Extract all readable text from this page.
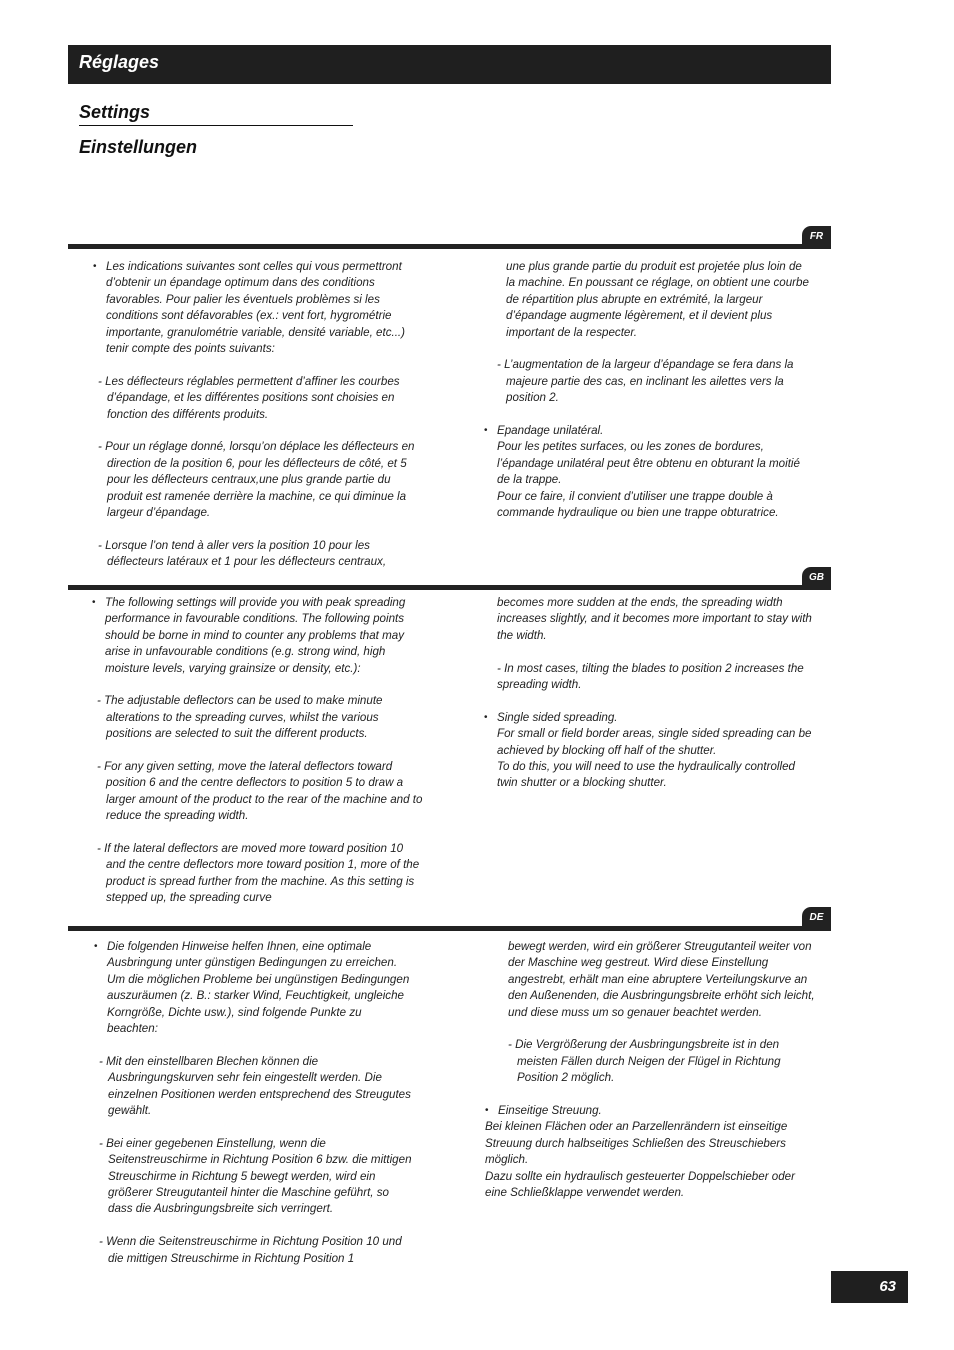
Réglages
Settings
Einstellungen
FR

• Les indications suivantes sont celles qui vous permettront d’obtenir un épandage optimum dans des conditions favorables. Pour palier les éventuels problèmes si les conditions sont défavorables (ex.: vent fort, hygrométrie importante, granulométrie variable, densité variable, etc...) tenir compte des points suivants:

- Les déflecteurs réglables permettent d’affiner les courbes d’épandage, et les différentes positions sont choisies en fonction des différents produits.

- Pour un réglage donné, lorsqu’on déplace les déflecteurs en direction de la position 6, pour les déflecteurs de côté, et 5 pour les déflecteurs centraux,une plus grande partie du produit est ramenée derrière la machine, ce qui diminue la largeur d’épandage.

- Lorsque l’on tend à aller vers la position 10 pour les déflecteurs latéraux et 1 pour les déflecteurs centraux,

une plus grande partie du produit est projetée plus loin de la machine. En poussant ce réglage, on obtient une courbe de répartition plus abrupte en extrémité, la largeur d’épandage augmente légèrement, et il devient plus important de la respecter.

- L’augmentation de la largeur d’épandage se fera dans la majeure partie des cas, en inclinant les ailettes vers la position 2.

• Epandage unilatéral.
Pour les petites surfaces, ou les zones de bordures, l’épandage unilatéral peut être obtenu en obturant la moitié de la trappe.
Pour ce faire, il convient d’utiliser une trappe double à commande hydraulique ou bien une trappe obturatrice.
GB

• The following settings will provide you with peak spreading performance in favourable conditions. The following points should be borne in mind to counter any problems that may arise in unfavourable conditions (e.g. strong wind, high moisture levels, varying grainsize or density, etc.):

- The adjustable deflectors can be used to make minute alterations to the spreading curves, whilst the various positions are selected to suit the different products.

- For any given setting, move the lateral deflectors toward position 6 and the centre deflectors to position 5 to draw a larger amount of the product to the rear of the machine and to reduce the spreading width.

- If the lateral deflectors are moved more toward position 10 and the centre deflectors more toward position 1, more of the product is spread further from the machine. As this setting is stepped up, the spreading curve

becomes more sudden at the ends, the spreading width increases slightly, and it becomes more important to stay with the width.

- In most cases, tilting the blades to position 2 increases the spreading width.

• Single sided spreading.
For small or field border areas, single sided spreading can be achieved by blocking off half of the shutter.
To do this, you will need to use the hydraulically controlled twin shutter or a blocking shutter.
DE

• Die folgenden Hinweise helfen Ihnen, eine optimale Ausbringung unter günstigen Bedingungen zu erreichen. Um die möglichen Probleme bei ungünstigen Bedingungen auszuräumen (z. B.: starker Wind, Feuchtigkeit, ungleiche Korngröße, Dichte usw.), sind folgende Punkte zu beachten:

- Mit den einstellbaren Blechen können die Ausbringungskurven sehr fein eingestellt werden. Die einzelnen Positionen werden entsprechend des Streugutes gewählt.

- Bei einer gegebenen Einstellung, wenn die Seitenstreuschirme in Richtung Position 6 bzw. die mittigen Streuschirme in Richtung 5 bewegt werden, wird ein größerer Streugutanteil hinter die Maschine geführt, so dass die Ausbringungsbreite sich verringert.

- Wenn die Seitenstreuschirme in Richtung Position 10 und die mittigen Streuschirme in Richtung Position 1

bewegt werden, wird ein größerer Streugutanteil weiter von der Maschine weg gestreut. Wird diese Einstellung angestrebt, erhält man eine abruptere Verteilungskurve an den Außenenden, die Ausbringungsbreite erhöht sich leicht, und diese muss um so genauer beachtet werden.

- Die Vergrößerung der Ausbringungsbreite ist in den meisten Fällen durch Neigen der Flügel in Richtung Position 2 möglich.

• Einseitige Streuung.
Bei kleinen Flächen oder an Parzellenrändern ist einseitige Streuung durch halbseitiges Schließen des Streuschiebers möglich.
Dazu sollte ein hydraulisch gesteuerter Doppelschieber oder eine Schließklappe verwendet werden.
63
